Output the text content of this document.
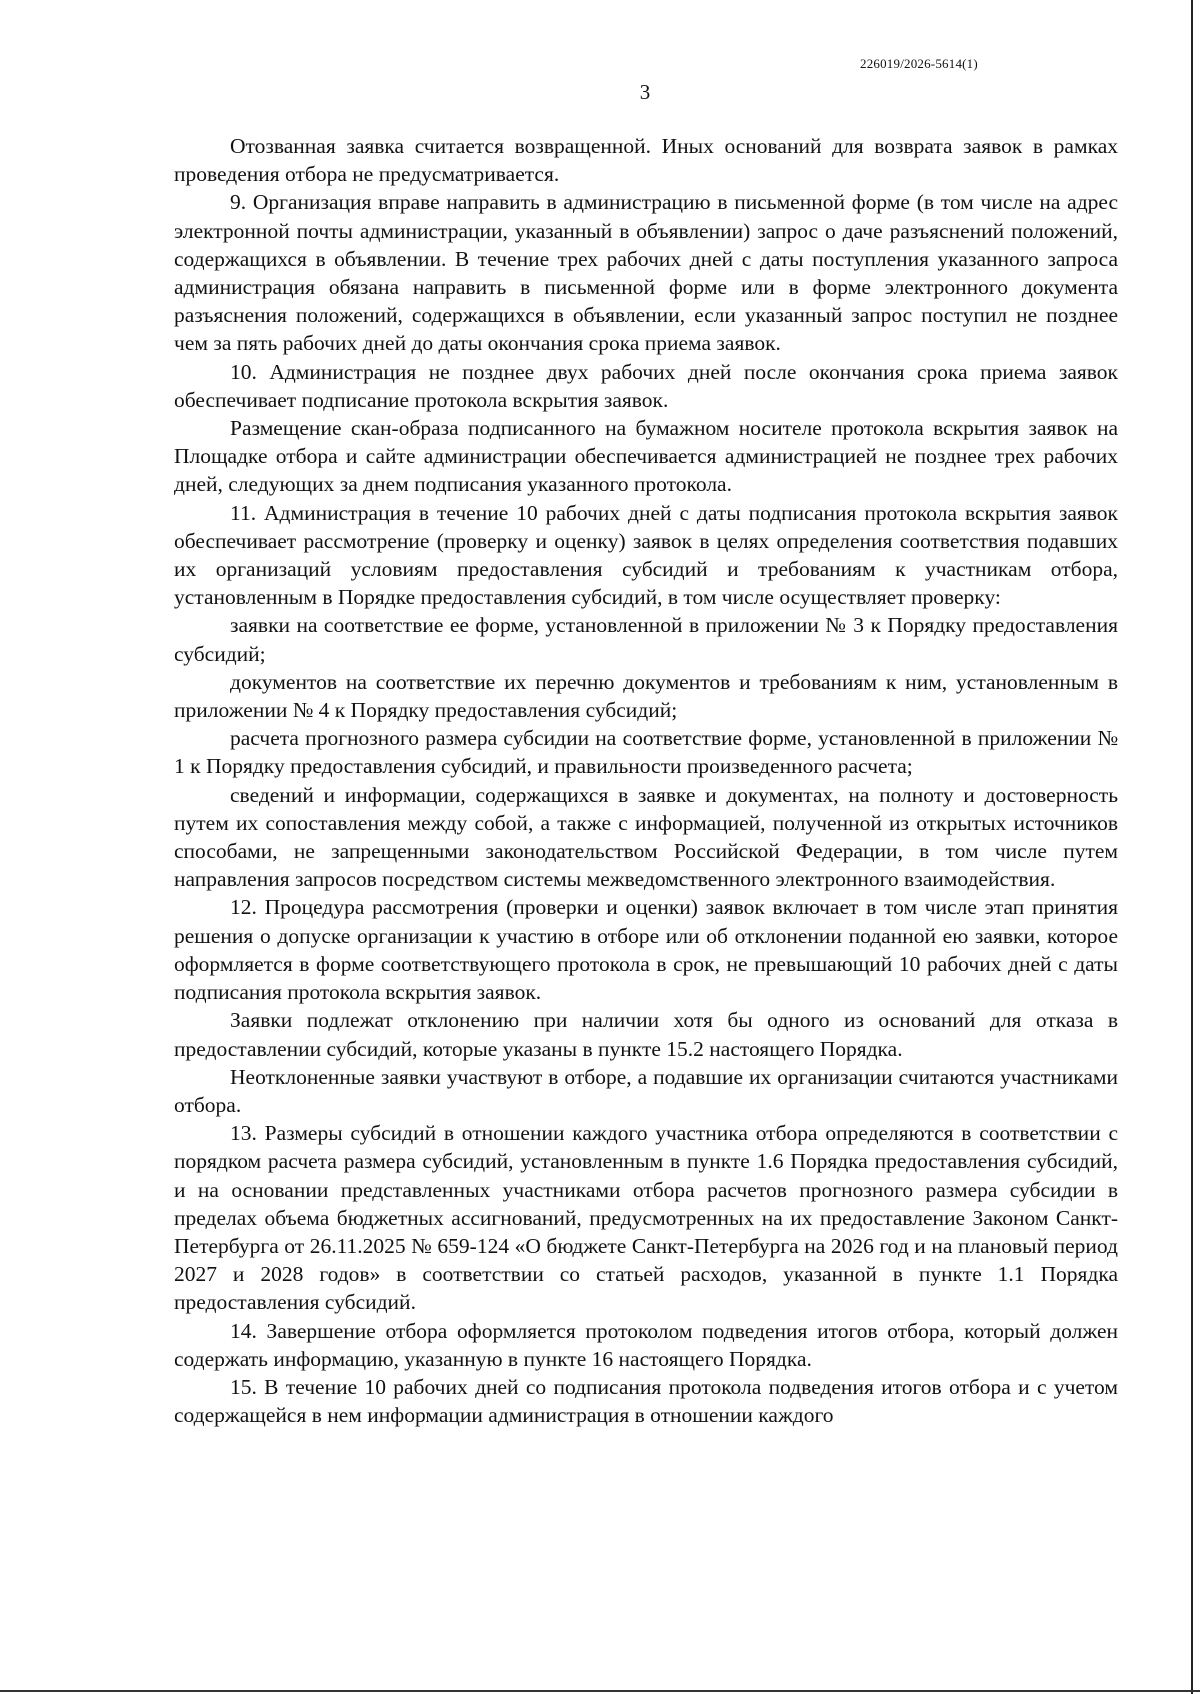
226019/2026-5614(1)
3

Отозванная заявка считается возвращенной. Иных оснований для возврата заявок в рамках проведения отбора не предусматривается.

9. Организация вправе направить в администрацию в письменной форме (в том числе на адрес электронной почты администрации, указанный в объявлении) запрос о даче разъяснений положений, содержащихся в объявлении. В течение трех рабочих дней с даты поступления указанного запроса администрация обязана направить в письменной форме или в форме электронного документа разъяснения положений, содержащихся в объявлении, если указанный запрос поступил не позднее чем за пять рабочих дней до даты окончания срока приема заявок.

10. Администрация не позднее двух рабочих дней после окончания срока приема заявок обеспечивает подписание протокола вскрытия заявок.

Размещение скан-образа подписанного на бумажном носителе протокола вскрытия заявок на Площадке отбора и сайте администрации обеспечивается администрацией не позднее трех рабочих дней, следующих за днем подписания указанного протокола.

11. Администрация в течение 10 рабочих дней с даты подписания протокола вскрытия заявок обеспечивает рассмотрение (проверку и оценку) заявок в целях определения соответствия подавших их организаций условиям предоставления субсидий и требованиям к участникам отбора, установленным в Порядке предоставления субсидий, в том числе осуществляет проверку:

заявки на соответствие ее форме, установленной в приложении № 3 к Порядку предоставления субсидий;

документов на соответствие их перечню документов и требованиям к ним, установленным в приложении № 4 к Порядку предоставления субсидий;

расчета прогнозного размера субсидии на соответствие форме, установленной в приложении № 1 к Порядку предоставления субсидий, и правильности произведенного расчета;

сведений и информации, содержащихся в заявке и документах, на полноту и достоверность путем их сопоставления между собой, а также с информацией, полученной из открытых источников способами, не запрещенными законодательством Российской Федерации, в том числе путем направления запросов посредством системы межведомственного электронного взаимодействия.

12. Процедура рассмотрения (проверки и оценки) заявок включает в том числе этап принятия решения о допуске организации к участию в отборе или об отклонении поданной ею заявки, которое оформляется в форме соответствующего протокола в срок, не превышающий 10 рабочих дней с даты подписания протокола вскрытия заявок.

Заявки подлежат отклонению при наличии хотя бы одного из оснований для отказа в предоставлении субсидий, которые указаны в пункте 15.2 настоящего Порядка.

Неотклоненные заявки участвуют в отборе, а подавшие их организации считаются участниками отбора.

13. Размеры субсидий в отношении каждого участника отбора определяются в соответствии с порядком расчета размера субсидий, установленным в пункте 1.6 Порядка предоставления субсидий, и на основании представленных участниками отбора расчетов прогнозного размера субсидии в пределах объема бюджетных ассигнований, предусмотренных на их предоставление Законом Санкт-Петербурга от 26.11.2025 № 659-124 «О бюджете Санкт-Петербурга на 2026 год и на плановый период 2027 и 2028 годов» в соответствии со статьей расходов, указанной в пункте 1.1 Порядка предоставления субсидий.

14. Завершение отбора оформляется протоколом подведения итогов отбора, который должен содержать информацию, указанную в пункте 16 настоящего Порядка.

15. В течение 10 рабочих дней со подписания протокола подведения итогов отбора и с учетом содержащейся в нем информации администрация в отношении каждого
